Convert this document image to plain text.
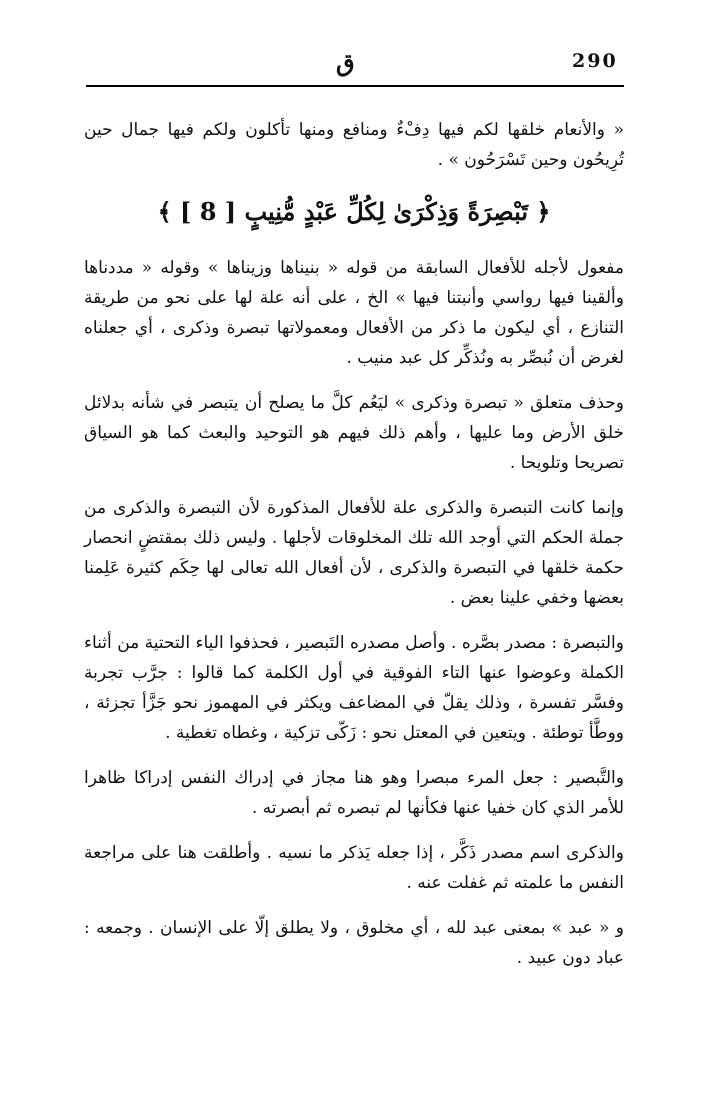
290
ق

« والأنعام خلقها لكم فيها دِفْءٌ ومنافع ومنها تأكلون ولكم فيها جمال حين تُرِيحُون وحين تَسْرَحُون » .

﴿ تَبْصِرَةً وَذِكْرَىٰ لِكُلِّ عَبْدٍ مُّنِيبٍ [ 8 ] ﴾

مفعول لأجله للأفعال السابقة من قوله « بنيناها وزيناها » وقوله « مددناها وألقينا فيها رواسي وأنبتنا فيها » الخ ، على أنه علة لها على نحو من طريقة التنازع ، أي ليكون ما ذكر من الأفعال ومعمولاتها تبصرة وذكرى ، أي جعلناه لغرض أن نُبصِّر به ونُذكِّر كل عبد منيب .

وحذف متعلق « تبصرة وذكرى » ليَعُم كلَّ ما يصلح أن يتبصر في شأنه بدلائل خلق الأرض وما عليها ، وأهم ذلك فيهم هو التوحيد والبعث كما هو السياق تصريحا وتلويحا .

وإنما كانت التبصرة والذكرى علة للأفعال المذكورة لأن التبصرة والذكرى من جملة الحكم التي أوجد الله تلك المخلوقات لأجلها . وليس ذلك بمقتضٍ انحصار حكمة خلقها في التبصرة والذكرى ، لأن أفعال الله تعالى لها حِكَم كثيرة عَلِمنا بعضها وخفي علينا بعض .

والتبصرة : مصدر بصَّره . وأصل مصدره التَبصير ، فحذفوا الياء التحتية من أثناء الكملة وعوضوا عنها التاء الفوقية في أول الكلمة كما قالوا : جرَّب تجربة وفسَّر تفسرة ، وذلك يقلّ في المضاعف ويكثر في المهموز نحو جَزَّأ تجزئة ، ووطَّأ توطئة . ويتعين في المعتل نحو : زَكّى تزكية ، وغطاه تغطية .

والتَّبصير : جعل المرء مبصرا وهو هنا مجاز في إدراك النفس إدراكا ظاهرا للأمر الذي كان خفيا عنها فكأنها لم تبصره ثم أبصرته .

والذكرى اسم مصدر ذَكَّر ، إذا جعله يَذكر ما نسيه . وأطلقت هنا على مراجعة النفس ما علمته ثم غفلت عنه .

و « عبد » بمعنى عبد لله ، أي مخلوق ، ولا يطلق إلّا على الإنسان . وجمعه : عباد دون عبيد .
